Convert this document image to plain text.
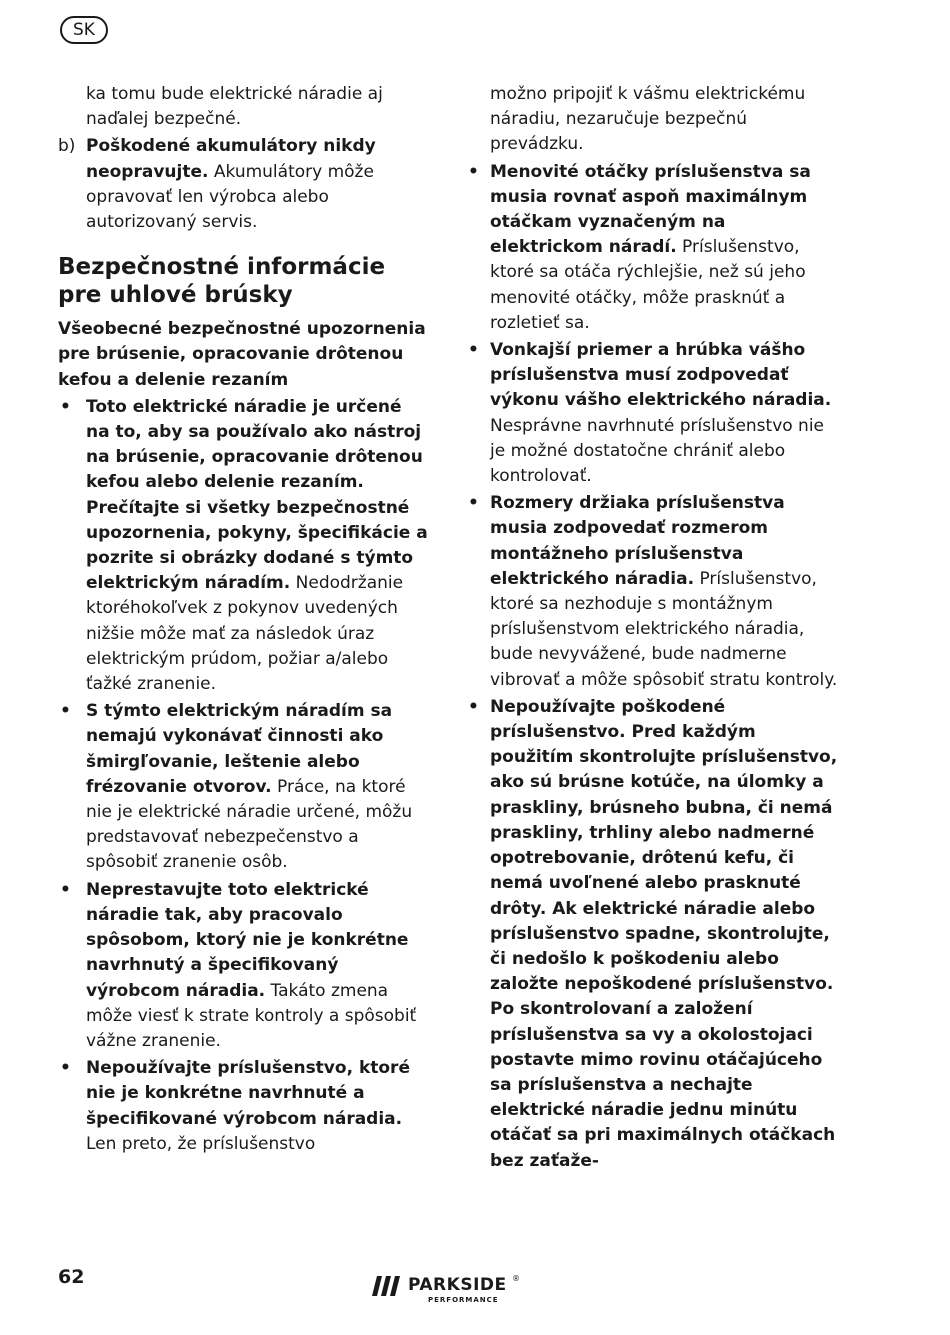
SK

ka tomu bude elektrické náradie aj naďalej bezpečné.

b) Poškodené akumulátory nikdy neopravujte. Akumulátory môže opravovať len výrobca alebo autorizovaný servis.
Bezpečnostné informácie
pre uhlové brúsky

Všeobecné bezpečnostné upozornenia pre brúsenie, opracovanie drôtenou kefou a delenie rezaním

• Toto elektrické náradie je určené na to, aby sa používalo ako nástroj na brúsenie, opracovanie drôtenou kefou alebo delenie rezaním. Prečítajte si všetky bezpečnostné upozornenia, pokyny, špecifikácie a pozrite si obrázky dodané s týmto elektrickým náradím. Nedodržanie ktoréhokoľvek z pokynov uvedených nižšie môže mať za následok úraz elektrickým prúdom, požiar a/alebo ťažké zranenie.
• S týmto elektrickým náradím sa nemajú vykonávať činnosti ako šmirgľovanie, leštenie alebo frézovanie otvorov. Práce, na ktoré nie je elektrické náradie určené, môžu predstavovať nebezpečenstvo a spôsobiť zranenie osôb.
• Neprestavujte toto elektrické náradie tak, aby pracovalo spôsobom, ktorý nie je konkrétne navrhnutý a špecifikovaný výrobcom náradia. Takáto zmena môže viesť k strate kontroly a spôsobiť vážne zranenie.
• Nepoužívajte príslušenstvo, ktoré nie je konkrétne navrhnuté a špecifikované výrobcom náradia. Len preto, že príslušenstvo

možno pripojiť k vášmu elektrickému náradiu, nezaručuje bezpečnú prevádzku.

• Menovité otáčky príslušenstva sa musia rovnať aspoň maximálnym otáčkam vyznačeným na elektrickom náradí. Príslušenstvo, ktoré sa otáča rýchlejšie, než sú jeho menovité otáčky, môže prasknúť a rozletieť sa.
• Vonkajší priemer a hrúbka vášho príslušenstva musí zodpovedať výkonu vášho elektrického náradia. Nesprávne navrhnuté príslušenstvo nie je možné dostatočne chrániť alebo kontrolovať.
• Rozmery držiaka príslušenstva musia zodpovedať rozmerom montážneho príslušenstva elektrického náradia. Príslušenstvo, ktoré sa nezhoduje s montážnym príslušenstvom elektrického náradia, bude nevyvážené, bude nadmerne vibrovať a môže spôsobiť stratu kontroly.
• Nepoužívajte poškodené príslušenstvo. Pred každým použitím skontrolujte príslušenstvo, ako sú brúsne kotúče, na úlomky a praskliny, brúsneho bubna, či nemá praskliny, trhliny alebo nadmerné opotrebovanie, drôtenú kefu, či nemá uvoľnené alebo prasknuté drôty. Ak elektrické náradie alebo príslušenstvo spadne, skontrolujte, či nedošlo k poškodeniu alebo založte nepoškodené príslušenstvo. Po skontrolovaní a založení príslušenstva sa vy a okolostojaci postavte mimo rovinu otáčajúceho sa príslušenstva a nechajte elektrické náradie jednu minútu otáčať sa pri maximálnych otáčkach bez zaťaže-
62	PARKSIDE ®
PERFORMANCE
